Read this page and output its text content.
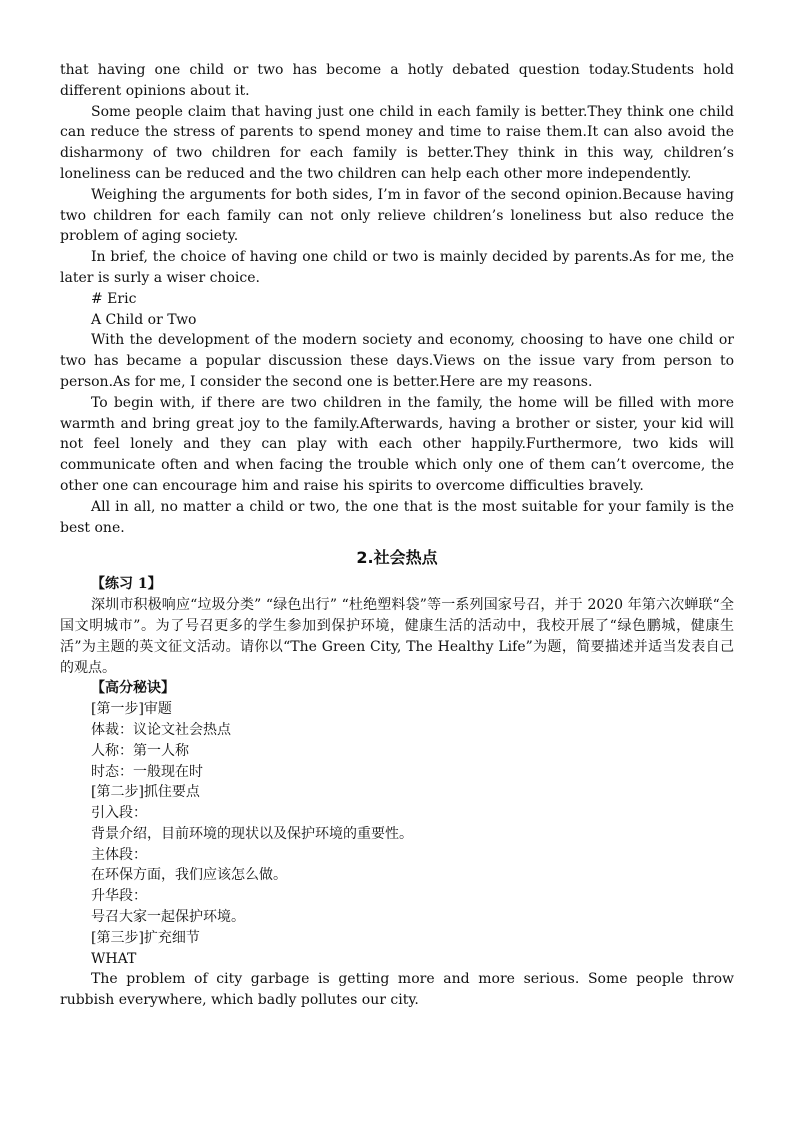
that having one child or two has become a hotly debated question today.Students hold different opinions about it.

Some people claim that having just one child in each family is better.They think one child can reduce the stress of parents to spend money and time to raise them.It can also avoid the disharmony of two children for each family is better.They think in this way, children’s loneliness can be reduced and the two children can help each other more independently.

Weighing the arguments for both sides, I’m in favor of the second opinion.Because having two children for each family can not only relieve children’s loneliness but also reduce the problem of aging society.

In brief, the choice of having one child or two is mainly decided by parents.As for me, the later is surly a wiser choice.

# Eric

A Child or Two

With the development of the modern society and economy, choosing to have one child or two has became a popular discussion these days.Views on the issue vary from person to person.As for me, I consider the second one is better.Here are my reasons.

To begin with, if there are two children in the family, the home will be filled with more warmth and bring great joy to the family.Afterwards, having a brother or sister, your kid will not feel lonely and they can play with each other happily.Furthermore, two kids will communicate often and when facing the trouble which only one of them can’t overcome, the other one can encourage him and raise his spirits to overcome difficulties bravely.

All in all, no matter a child or two, the one that is the most suitable for your family is the best one.

2.社会热点

【练习 1】

深圳市积极响应“垃圾分类” “绿色出行” “杜绝塑料袋”等一系列国家号召，并于 2020 年第六次蝉联“全国文明城市”。为了号召更多的学生参加到保护环境，健康生活的活动中，我校开展了“绿色鹏城，健康生活”为主题的英文征文活动。请你以“The Green City, The Healthy Life”为题，简要描述并适当发表自己的观点。

【高分秘诀】

[第一步]审题

体裁：议论文社会热点

人称：第一人称

时态：一般现在时

[第二步]抓住要点

引入段：

背景介绍，目前环境的现状以及保护环境的重要性。

主体段：

在环保方面，我们应该怎么做。

升华段：

号召大家一起保护环境。

[第三步]扩充细节

WHAT

The problem of city garbage is getting more and more serious. Some people throw rubbish everywhere, which badly pollutes our city.
